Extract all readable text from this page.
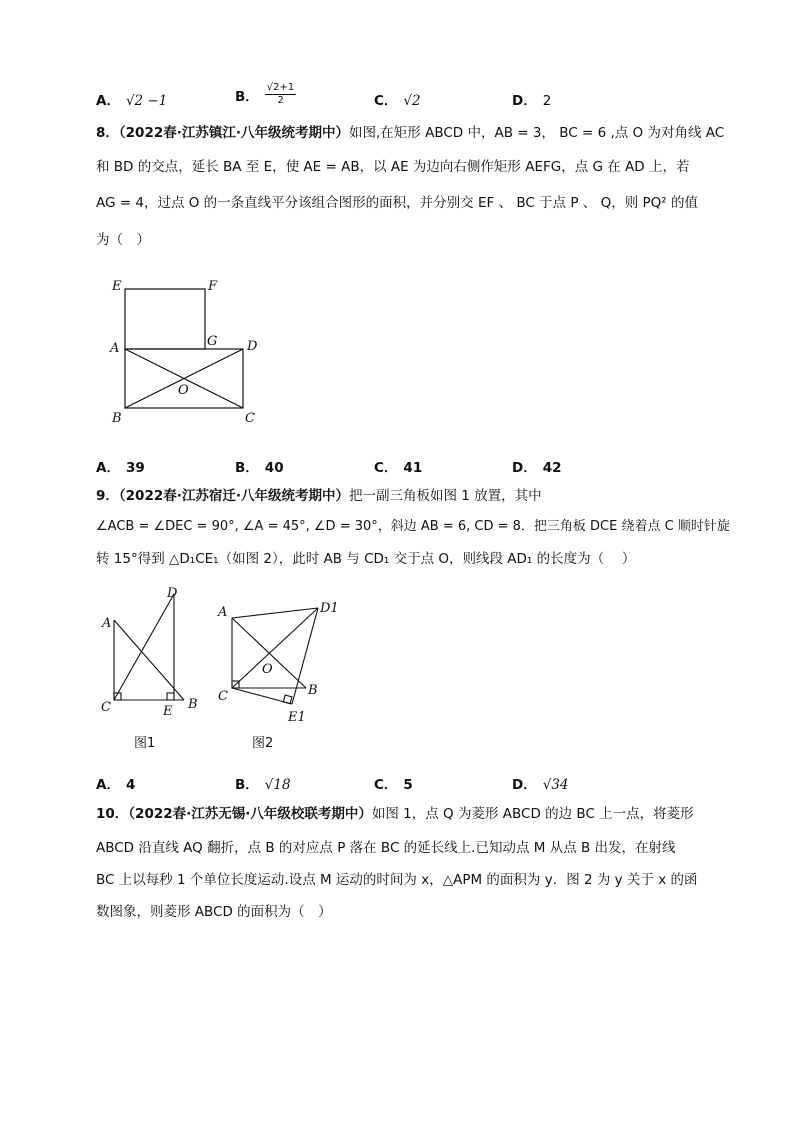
A． √2 −1	B． $\frac{√2+1}{2}$	C． √2	D． 2
8．（2022春·江苏镇江·八年级统考期中）如图,在矩形 ABCD 中，AB = 3， BC = 6 ,点 O 为对角线 AC
和 BD 的交点，延长 BA 至 E，使 AE = AB，以 AE 为边向右侧作矩形 AEFG，点 G 在 AD 上，若
AG = 4，过点 O 的一条直线平分该组合图形的面积，并分别交 EF 、 BC 于点 P 、 Q，则 PQ² 的值
为（　）
E	F
A	G D
O
B	C
A． 39	B． 40	C． 41	D． 42
9．（2022春·江苏宿迁·八年级统考期中）把一副三角板如图 1 放置，其中
∠ACB = ∠DEC = 90°, ∠A = 45°, ∠D = 30°，斜边 AB = 6, CD = 8．把三角板 DCE 绕着点 C 顺时针旋
转 15°得到 △D₁CE₁（如图 2），此时 AB 与 CD₁ 交于点 O，则线段 AD₁ 的长度为（　 ）
D
A
C	E B
图1
A	D1
O
C	B
E1
图2
A． 4	B． √18	C． 5	D． √34
10．（2022春·江苏无锡·八年级校联考期中）如图 1，点 Q 为菱形 ABCD 的边 BC 上一点，将菱形
ABCD 沿直线 AQ 翻折，点 B 的对应点 P 落在 BC 的延长线上.已知动点 M 从点 B 出发，在射线
BC 上以每秒 1 个单位长度运动.设点 M 运动的时间为 x，△APM 的面积为 y．图 2 为 y 关于 x 的函
数图象，则菱形 ABCD 的面积为（　）
